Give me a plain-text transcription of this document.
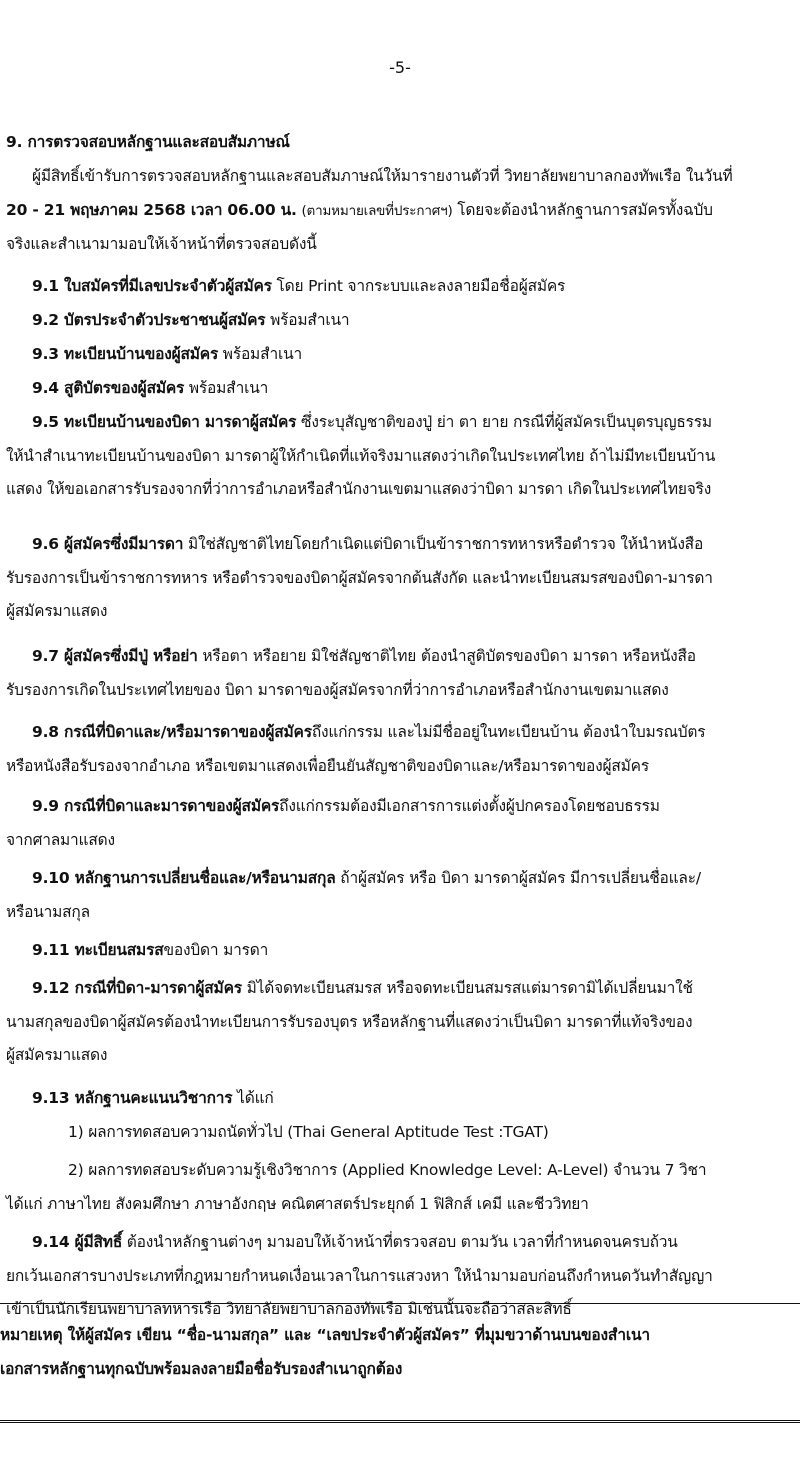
-5-

9. การตรวจสอบหลักฐานและสอบสัมภาษณ์

ผู้มีสิทธิ์เข้ารับการตรวจสอบหลักฐานและสอบสัมภาษณ์ให้มารายงานตัวที่ วิทยาลัยพยาบาลกองทัพเรือ ในวันที่
20 - 21 พฤษภาคม 2568 เวลา 06.00 น. (ตามหมายเลขที่ประกาศฯ) โดยจะต้องนำหลักฐานการสมัครทั้งฉบับ
จริงและสำเนามามอบให้เจ้าหน้าที่ตรวจสอบดังนี้

9.1 ใบสมัครที่มีเลขประจำตัวผู้สมัคร โดย Print จากระบบและลงลายมือชื่อผู้สมัคร

9.2 บัตรประจำตัวประชาชนผู้สมัคร พร้อมสำเนา

9.3 ทะเบียนบ้านของผู้สมัคร พร้อมสำเนา

9.4 สูติบัตรของผู้สมัคร พร้อมสำเนา

9.5 ทะเบียนบ้านของบิดา มารดาผู้สมัคร ซึ่งระบุสัญชาติของปู่ ย่า ตา ยาย กรณีที่ผู้สมัครเป็นบุตรบุญธรรม
ให้นำสำเนาทะเบียนบ้านของบิดา มารดาผู้ให้กำเนิดที่แท้จริงมาแสดงว่าเกิดในประเทศไทย ถ้าไม่มีทะเบียนบ้าน
แสดง ให้ขอเอกสารรับรองจากที่ว่าการอำเภอหรือสำนักงานเขตมาแสดงว่าบิดา มารดา เกิดในประเทศไทยจริง

9.6 ผู้สมัครซึ่งมีมารดา มิใช่สัญชาติไทยโดยกำเนิดแต่บิดาเป็นข้าราชการทหารหรือตำรวจ ให้นำหนังสือ
รับรองการเป็นข้าราชการทหาร หรือตำรวจของบิดาผู้สมัครจากต้นสังกัด และนำทะเบียนสมรสของบิดา-มารดา
ผู้สมัครมาแสดง

9.7 ผู้สมัครซึ่งมีปู่ หรือย่า หรือตา หรือยาย มิใช่สัญชาติไทย ต้องนำสูติบัตรของบิดา มารดา หรือหนังสือ
รับรองการเกิดในประเทศไทยของ บิดา มารดาของผู้สมัครจากที่ว่าการอำเภอหรือสำนักงานเขตมาแสดง

9.8 กรณีที่บิดาและ/หรือมารดาของผู้สมัครถึงแก่กรรม และไม่มีชื่ออยู่ในทะเบียนบ้าน ต้องนำใบมรณบัตร
หรือหนังสือรับรองจากอำเภอ หรือเขตมาแสดงเพื่อยืนยันสัญชาติของบิดาและ/หรือมารดาของผู้สมัคร

9.9 กรณีที่บิดาและมารดาของผู้สมัครถึงแก่กรรมต้องมีเอกสารการแต่งตั้งผู้ปกครองโดยชอบธรรม
จากศาลมาแสดง

9.10 หลักฐานการเปลี่ยนชื่อและ/หรือนามสกุล ถ้าผู้สมัคร หรือ บิดา มารดาผู้สมัคร มีการเปลี่ยนชื่อและ/
หรือนามสกุล

9.11 ทะเบียนสมรสของบิดา มารดา

9.12 กรณีที่บิดา-มารดาผู้สมัคร มิได้จดทะเบียนสมรส หรือจดทะเบียนสมรสแต่มารดามิได้เปลี่ยนมาใช้
นามสกุลของบิดาผู้สมัครต้องนำทะเบียนการรับรองบุตร หรือหลักฐานที่แสดงว่าเป็นบิดา มารดาที่แท้จริงของ
ผู้สมัครมาแสดง

9.13 หลักฐานคะแนนวิชาการ ได้แก่

1) ผลการทดสอบความถนัดทั่วไป (Thai General Aptitude Test :TGAT)

2) ผลการทดสอบระดับความรู้เชิงวิชาการ (Applied Knowledge Level: A-Level) จำนวน 7 วิชา
ได้แก่ ภาษาไทย สังคมศึกษา ภาษาอังกฤษ คณิตศาสตร์ประยุกต์ 1 ฟิสิกส์ เคมี และชีววิทยา

9.14 ผู้มีสิทธิ์ ต้องนำหลักฐานต่างๆ มามอบให้เจ้าหน้าที่ตรวจสอบ ตามวัน เวลาที่กำหนดจนครบถ้วน
ยกเว้นเอกสารบางประเภทที่กฎหมายกำหนดเงื่อนเวลาในการแสวงหา ให้นำมามอบก่อนถึงกำหนดวันทำสัญญา
เข้าเป็นนักเรียนพยาบาลทหารเรือ วิทยาลัยพยาบาลกองทัพเรือ มิเช่นนั้นจะถือว่าสละสิทธิ์

หมายเหตุ ให้ผู้สมัคร เขียน “ชื่อ-นามสกุล” และ “เลขประจำตัวผู้สมัคร” ที่มุมขวาด้านบนของสำเนา
เอกสารหลักฐานทุกฉบับพร้อมลงลายมือชื่อรับรองสำเนาถูกต้อง
